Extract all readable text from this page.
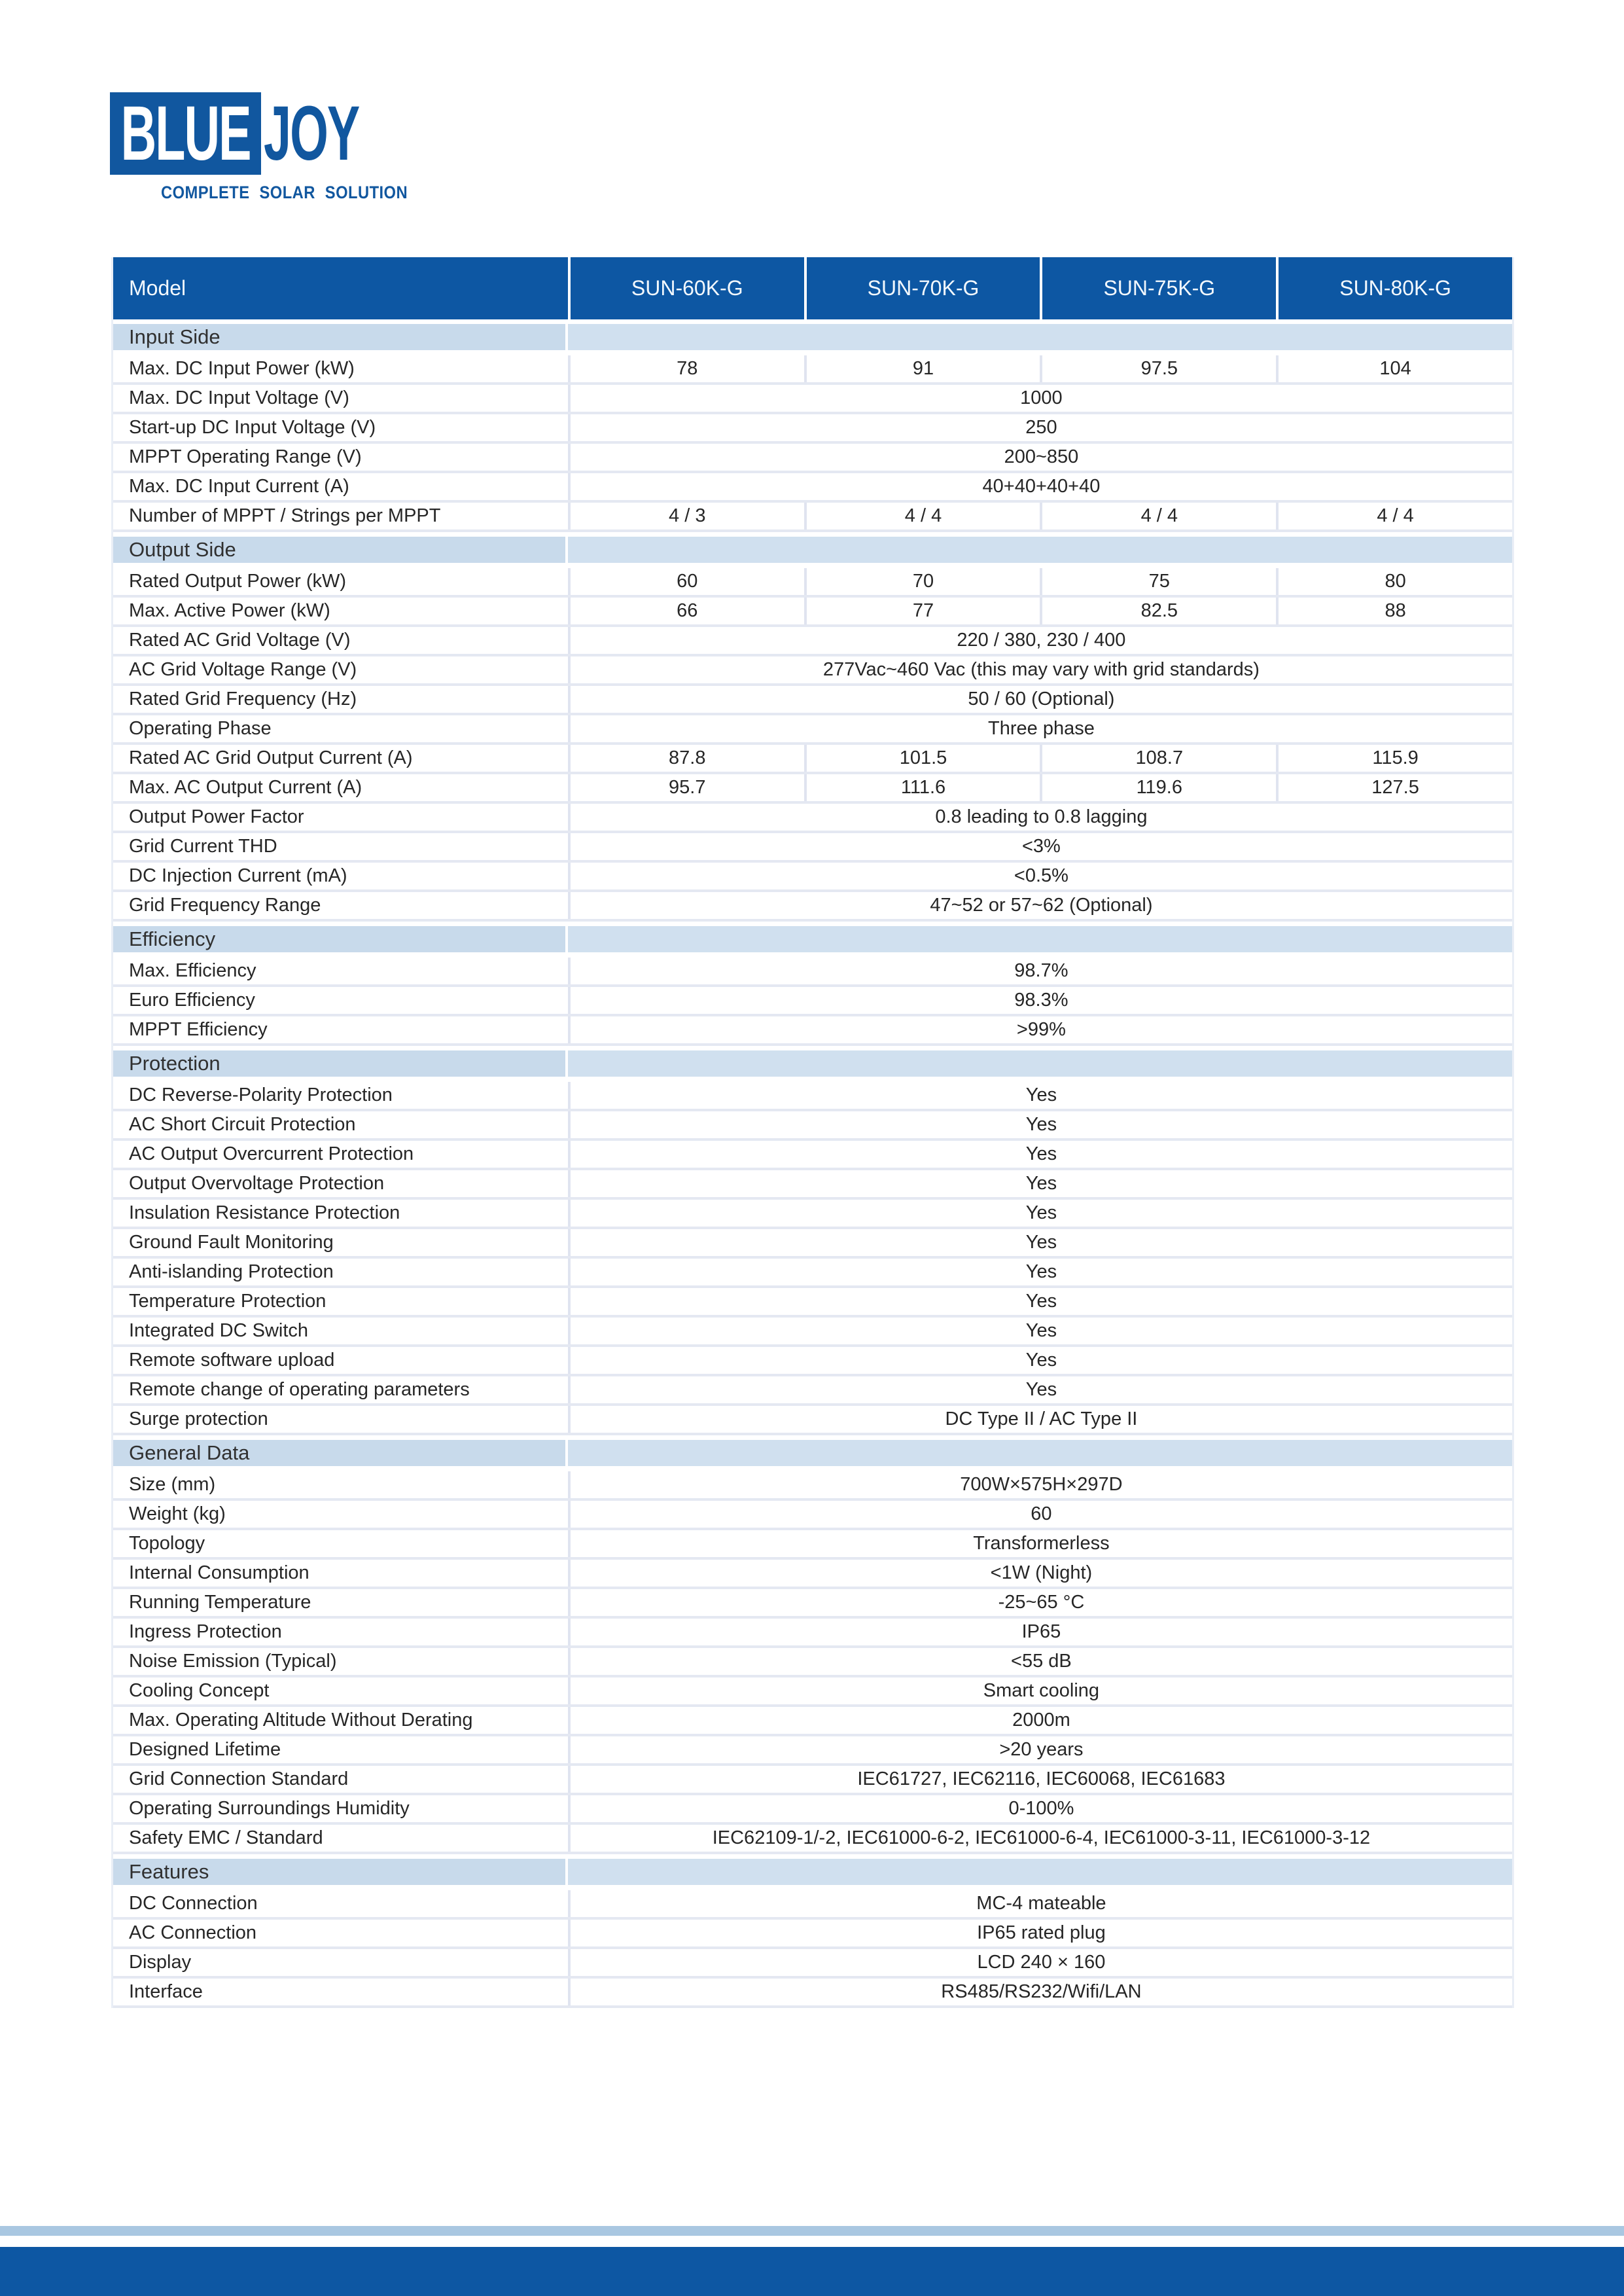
BLUE JOY
COMPLETE SOLAR SOLUTION
Model	SUN-60K-G	SUN-70K-G	SUN-75K-G	SUN-80K-G
Input Side
Max. DC Input Power (kW)	78	91	97.5	104
Max. DC Input Voltage (V)	1000
Start-up DC Input Voltage (V)	250
MPPT Operating Range (V)	200~850
Max. DC Input Current (A)	40+40+40+40
Number of MPPT / Strings per MPPT	4 / 3	4 / 4	4 / 4	4 / 4
Output Side
Rated Output Power (kW)	60	70	75	80
Max. Active Power (kW)	66	77	82.5	88
Rated AC Grid Voltage (V)	220 / 380, 230 / 400
AC Grid Voltage Range (V)	277Vac~460 Vac (this may vary with grid standards)
Rated Grid Frequency (Hz)	50 / 60 (Optional)
Operating Phase	Three phase
Rated AC Grid Output Current (A)	87.8	101.5	108.7	115.9
Max. AC Output Current (A)	95.7	111.6	119.6	127.5
Output Power Factor	0.8 leading to 0.8 lagging
Grid Current THD	<3%
DC Injection Current (mA)	<0.5%
Grid Frequency Range	47~52 or 57~62 (Optional)
Efficiency
Max. Efficiency	98.7%
Euro Efficiency	98.3%
MPPT Efficiency	>99%
Protection
DC Reverse-Polarity Protection	Yes
AC Short Circuit Protection	Yes
AC Output Overcurrent Protection	Yes
Output Overvoltage Protection	Yes
Insulation Resistance Protection	Yes
Ground Fault Monitoring	Yes
Anti-islanding Protection	Yes
Temperature Protection	Yes
Integrated DC Switch	Yes
Remote software upload	Yes
Remote change of operating parameters	Yes
Surge protection	DC Type II / AC Type II
General Data
Size (mm)	700W×575H×297D
Weight (kg)	60
Topology	Transformerless
Internal Consumption	<1W (Night)
Running Temperature	-25~65 °C
Ingress Protection	IP65
Noise Emission (Typical)	<55 dB
Cooling Concept	Smart cooling
Max. Operating Altitude Without Derating	2000m
Designed Lifetime	>20 years
Grid Connection Standard	IEC61727, IEC62116, IEC60068, IEC61683
Operating Surroundings Humidity	0-100%
Safety EMC / Standard	IEC62109-1/-2, IEC61000-6-2, IEC61000-6-4, IEC61000-3-11, IEC61000-3-12
Features
DC Connection	MC-4 mateable
AC Connection	IP65 rated plug
Display	LCD 240 × 160
Interface	RS485/RS232/Wifi/LAN
